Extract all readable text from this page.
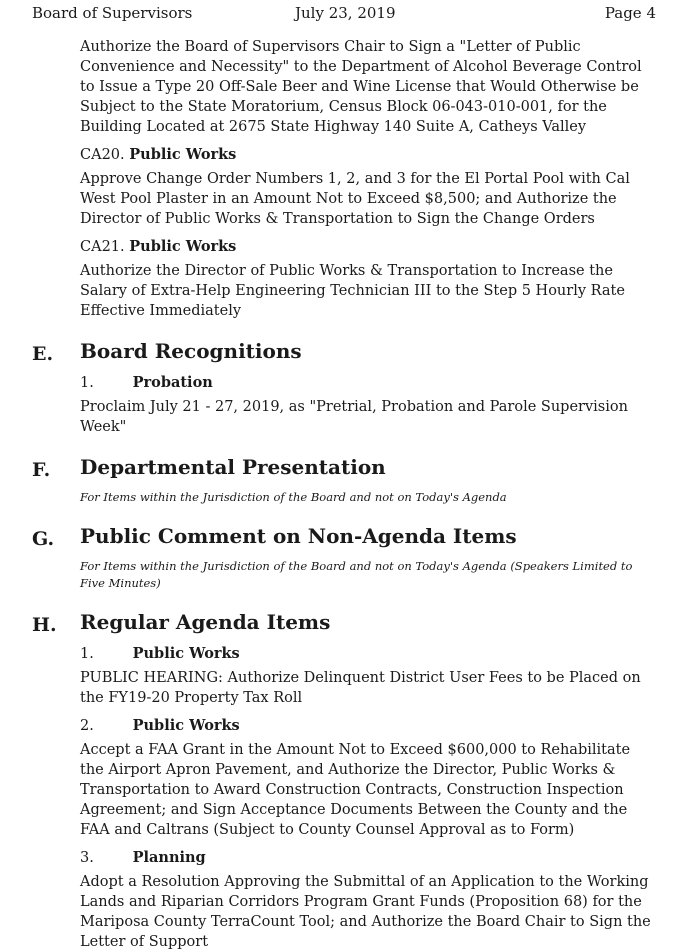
Board of Supervisors	July 23, 2019	Page 4

Authorize the Board of Supervisors Chair to Sign a "Letter of Public Convenience and Necessity" to the Department of Alcohol Beverage Control to Issue a Type 20 Off-Sale Beer and Wine License that Would Otherwise be Subject to the State Moratorium, Census Block 06-043-010-001, for the Building Located at 2675 State Highway 140 Suite A, Catheys Valley

CA20. Public Works

Approve Change Order Numbers 1, 2, and 3 for the El Portal Pool with Cal West Pool Plaster in an Amount Not to Exceed $8,500; and Authorize the Director of Public Works & Transportation to Sign the Change Orders

CA21. Public Works

Authorize the Director of Public Works & Transportation to Increase the Salary of Extra-Help Engineering Technician III to the Step 5 Hourly Rate Effective Immediately

E. Board Recognitions
1.	Probation

Proclaim July 21 - 27, 2019, as "Pretrial, Probation and Parole Supervision Week"

F. Departmental Presentation

For Items within the Jurisdiction of the Board and not on Today's Agenda

G. Public Comment on Non-Agenda Items

For Items within the Jurisdiction of the Board and not on Today's Agenda (Speakers Limited to Five Minutes)

H. Regular Agenda Items
1.	Public Works

PUBLIC HEARING: Authorize Delinquent District User Fees to be Placed on the FY19-20 Property Tax Roll

2.	Public Works

Accept a FAA Grant in the Amount Not to Exceed $600,000 to Rehabilitate the Airport Apron Pavement, and Authorize the Director, Public Works & Transportation to Award Construction Contracts, Construction Inspection Agreement; and Sign Acceptance Documents Between the County and the FAA and Caltrans (Subject to County Counsel Approval as to Form)

3.	Planning

Adopt a Resolution Approving the Submittal of an Application to the Working Lands and Riparian Corridors Program Grant Funds (Proposition 68) for the Mariposa County TerraCount Tool; and Authorize the Board Chair to Sign the Letter of Support
